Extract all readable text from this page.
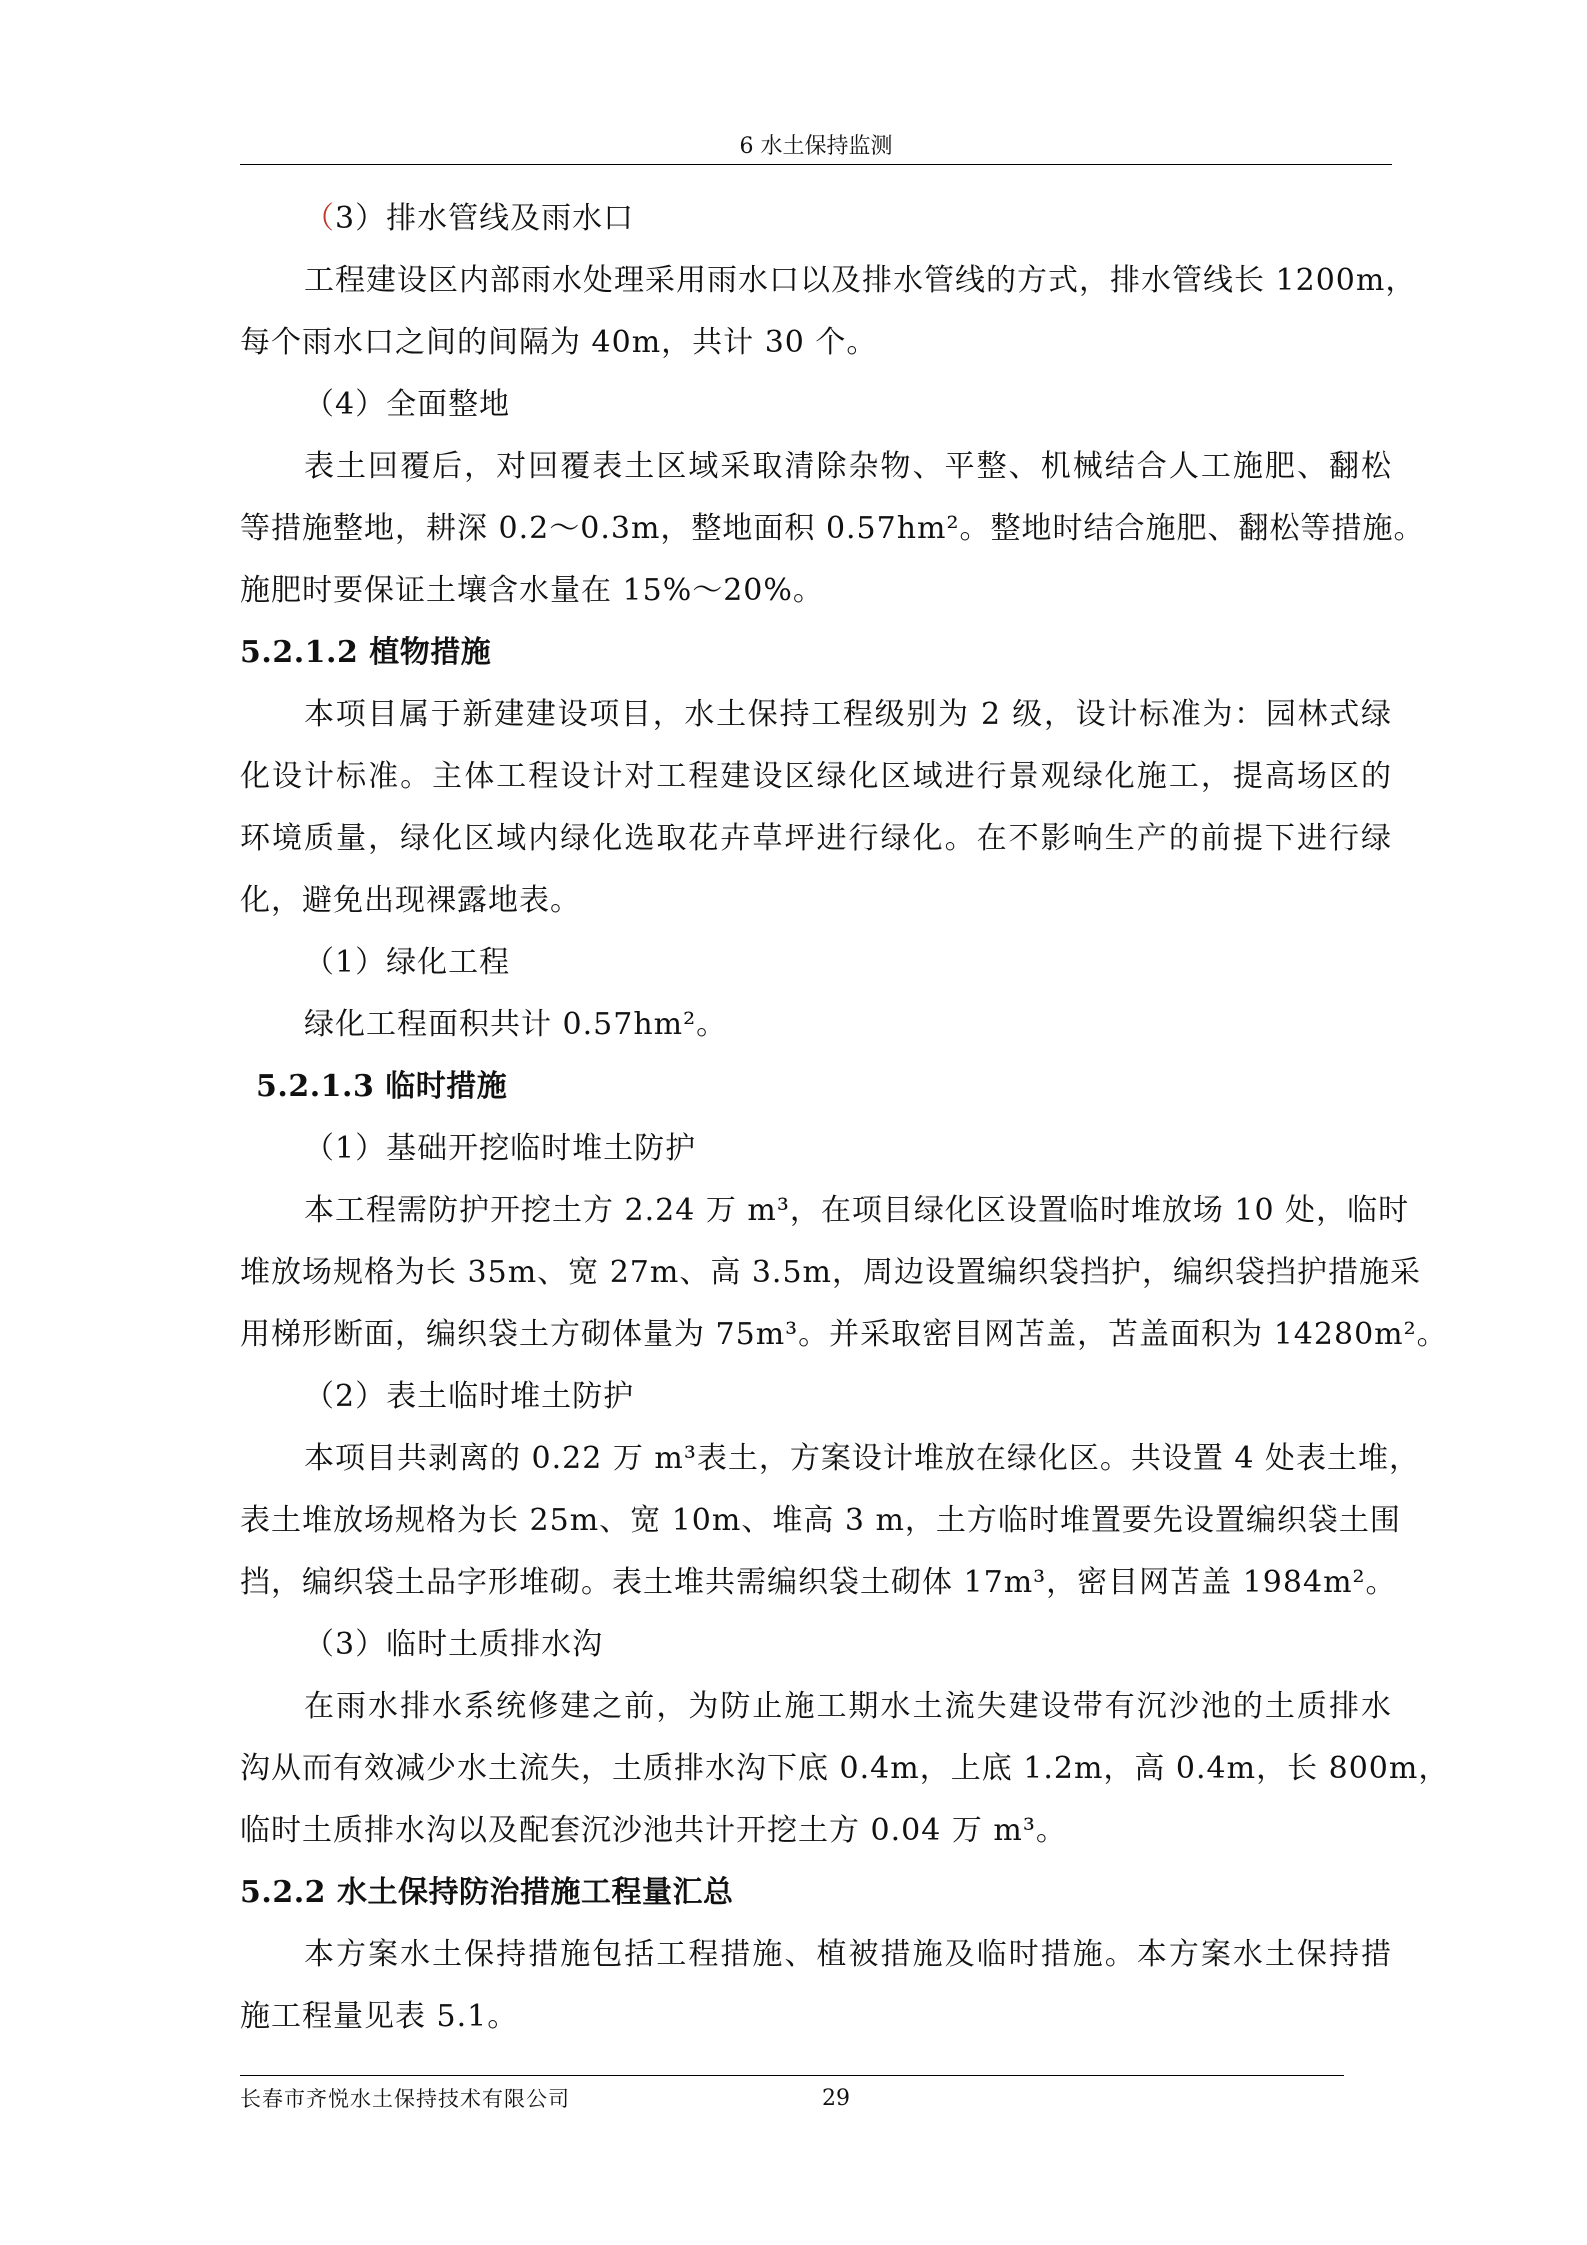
6 水土保持监测
（3）排水管线及雨水口
工程建设区内部雨水处理采用雨水口以及排水管线的方式，排水管线长 1200m，
每个雨水口之间的间隔为 40m，共计 30 个。
（4）全面整地
表土回覆后，对回覆表土区域采取清除杂物、平整、机械结合人工施肥、翻松
等措施整地，耕深 0.2～0.3m，整地面积 0.57hm²。整地时结合施肥、翻松等措施。
施肥时要保证土壤含水量在 15%～20%。
5.2.1.2 植物措施
本项目属于新建建设项目，水土保持工程级别为 2 级，设计标准为：园林式绿
化设计标准。主体工程设计对工程建设区绿化区域进行景观绿化施工，提高场区的
环境质量，绿化区域内绿化选取花卉草坪进行绿化。在不影响生产的前提下进行绿
化，避免出现裸露地表。
（1）绿化工程
绿化工程面积共计 0.57hm²。
5.2.1.3 临时措施
（1）基础开挖临时堆土防护
本工程需防护开挖土方 2.24 万 m³，在项目绿化区设置临时堆放场 10 处，临时
堆放场规格为长 35m、宽 27m、高 3.5m，周边设置编织袋挡护，编织袋挡护措施采
用梯形断面，编织袋土方砌体量为 75m³。并采取密目网苫盖，苫盖面积为 14280m²。
（2）表土临时堆土防护
本项目共剥离的 0.22 万 m³表土，方案设计堆放在绿化区。共设置 4 处表土堆，
表土堆放场规格为长 25m、宽 10m、堆高 3 m，土方临时堆置要先设置编织袋土围
挡，编织袋土品字形堆砌。表土堆共需编织袋土砌体 17m³，密目网苫盖 1984m²。
（3）临时土质排水沟
在雨水排水系统修建之前，为防止施工期水土流失建设带有沉沙池的土质排水
沟从而有效减少水土流失，土质排水沟下底 0.4m，上底 1.2m，高 0.4m，长 800m，
临时土质排水沟以及配套沉沙池共计开挖土方 0.04 万 m³。
5.2.2 水土保持防治措施工程量汇总
本方案水土保持措施包括工程措施、植被措施及临时措施。本方案水土保持措
施工程量见表 5.1。
长春市齐悦水土保持技术有限公司	29
